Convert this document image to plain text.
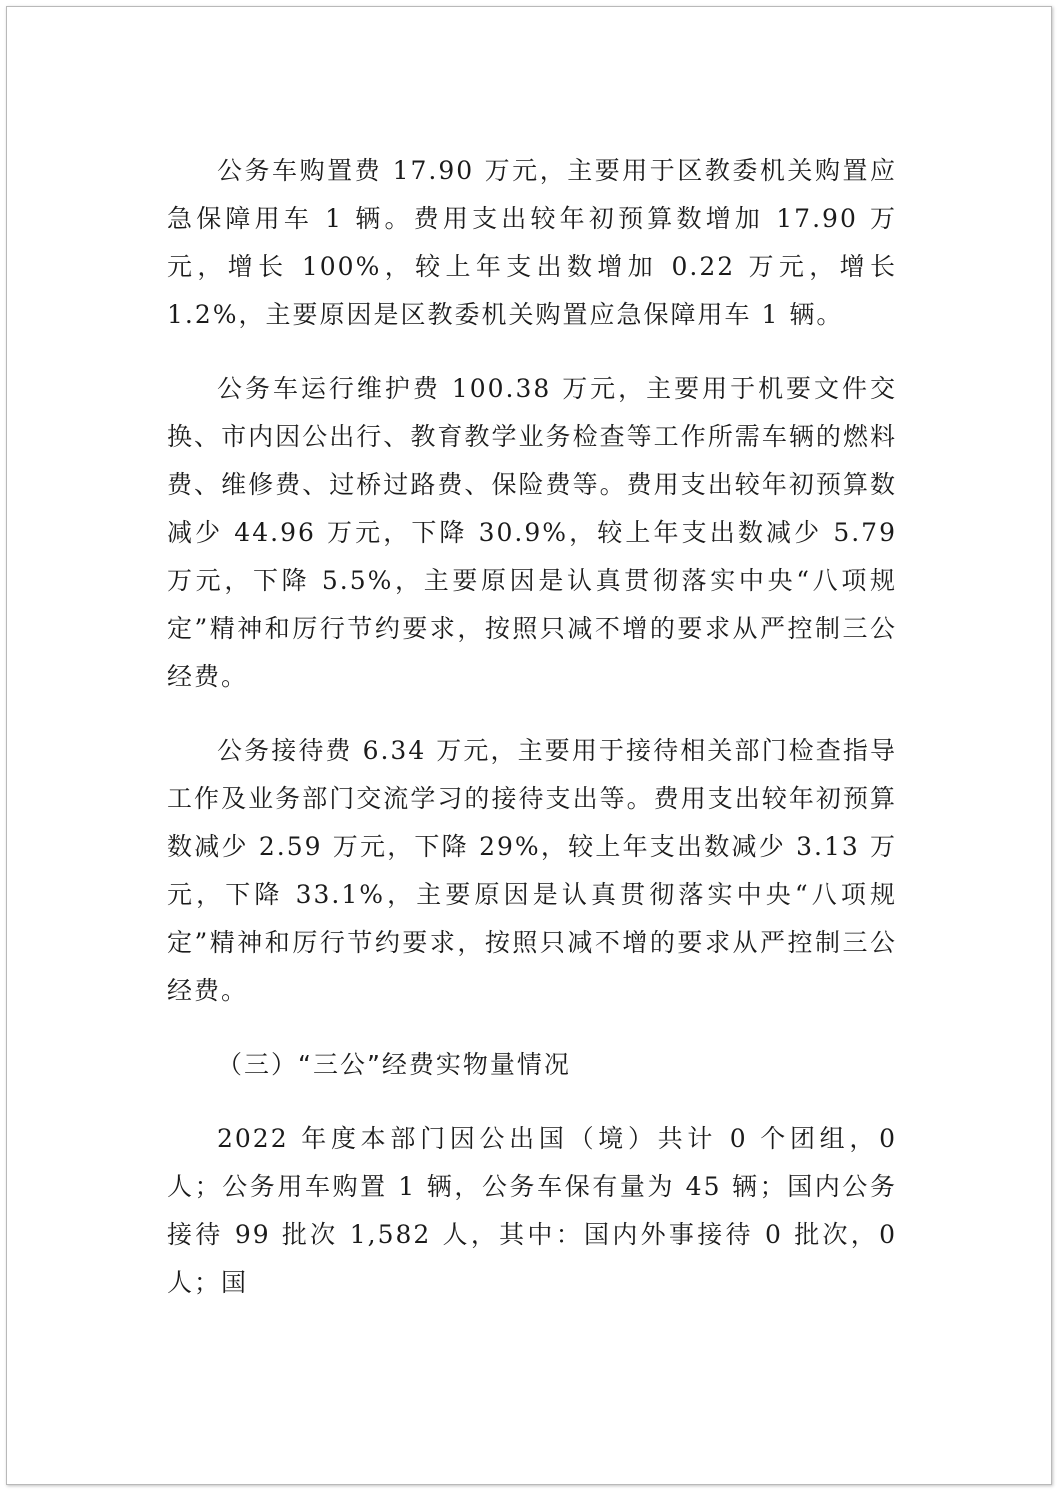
公务车购置费 17.90 万元，主要用于区教委机关购置应急保障用车 1 辆。费用支出较年初预算数增加 17.90 万元，增长 100%，较上年支出数增加 0.22 万元，增长 1.2%，主要原因是区教委机关购置应急保障用车 1 辆。

公务车运行维护费 100.38 万元，主要用于机要文件交换、市内因公出行、教育教学业务检查等工作所需车辆的燃料费、维修费、过桥过路费、保险费等。费用支出较年初预算数减少 44.96 万元，下降 30.9%，较上年支出数减少 5.79 万元，下降 5.5%，主要原因是认真贯彻落实中央“八项规定”精神和厉行节约要求，按照只减不增的要求从严控制三公经费。

公务接待费 6.34 万元，主要用于接待相关部门检查指导工作及业务部门交流学习的接待支出等。费用支出较年初预算数减少 2.59 万元，下降 29%，较上年支出数减少 3.13 万元，下降 33.1%，主要原因是认真贯彻落实中央“八项规定”精神和厉行节约要求，按照只减不增的要求从严控制三公经费。

（三）“三公”经费实物量情况

2022 年度本部门因公出国（境）共计 0 个团组，0 人；公务用车购置 1 辆，公务车保有量为 45 辆；国内公务接待 99 批次 1,582 人，其中：国内外事接待 0 批次，0 人；国
